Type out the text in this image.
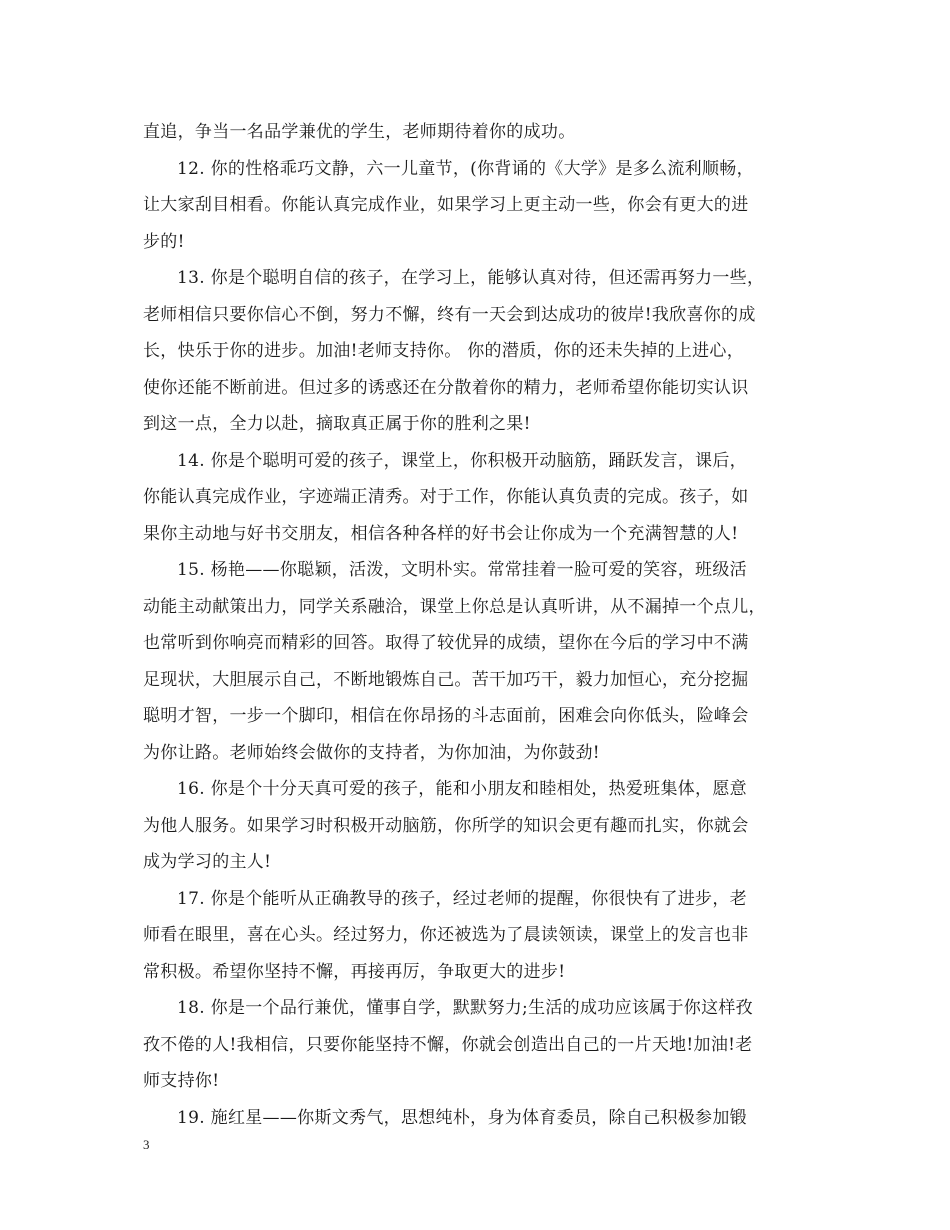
直追，争当一名品学兼优的学生，老师期待着你的成功。
12. 你的性格乖巧文静，六一儿童节，(你背诵的《大学》是多么流利顺畅，
让大家刮目相看。你能认真完成作业，如果学习上更主动一些，你会有更大的进
步的!
13. 你是个聪明自信的孩子，在学习上，能够认真对待，但还需再努力一些，
老师相信只要你信心不倒，努力不懈，终有一天会到达成功的彼岸!我欣喜你的成
长，快乐于你的进步。加油!老师支持你。 你的潜质，你的还未失掉的上进心，
使你还能不断前进。但过多的诱惑还在分散着你的精力，老师希望你能切实认识
到这一点，全力以赴，摘取真正属于你的胜利之果!
14. 你是个聪明可爱的孩子，课堂上，你积极开动脑筋，踊跃发言，课后，
你能认真完成作业，字迹端正清秀。对于工作，你能认真负责的完成。孩子，如
果你主动地与好书交朋友，相信各种各样的好书会让你成为一个充满智慧的人!
15. 杨艳——你聪颖，活泼，文明朴实。常常挂着一脸可爱的笑容，班级活
动能主动献策出力，同学关系融洽，课堂上你总是认真听讲，从不漏掉一个点儿，
也常听到你响亮而精彩的回答。取得了较优异的成绩，望你在今后的学习中不满
足现状，大胆展示自己，不断地锻炼自己。苦干加巧干，毅力加恒心，充分挖掘
聪明才智，一步一个脚印，相信在你昂扬的斗志面前，困难会向你低头，险峰会
为你让路。老师始终会做你的支持者，为你加油，为你鼓劲!
16. 你是个十分天真可爱的孩子，能和小朋友和睦相处，热爱班集体，愿意
为他人服务。如果学习时积极开动脑筋，你所学的知识会更有趣而扎实，你就会
成为学习的主人!
17. 你是个能听从正确教导的孩子，经过老师的提醒，你很快有了进步，老
师看在眼里，喜在心头。经过努力，你还被选为了晨读领读，课堂上的发言也非
常积极。希望你坚持不懈，再接再厉，争取更大的进步!
18. 你是一个品行兼优，懂事自学，默默努力;生活的成功应该属于你这样孜
孜不倦的人!我相信，只要你能坚持不懈，你就会创造出自己的一片天地!加油!老
师支持你!
19. 施红星——你斯文秀气，思想纯朴，身为体育委员，除自己积极参加锻
3
